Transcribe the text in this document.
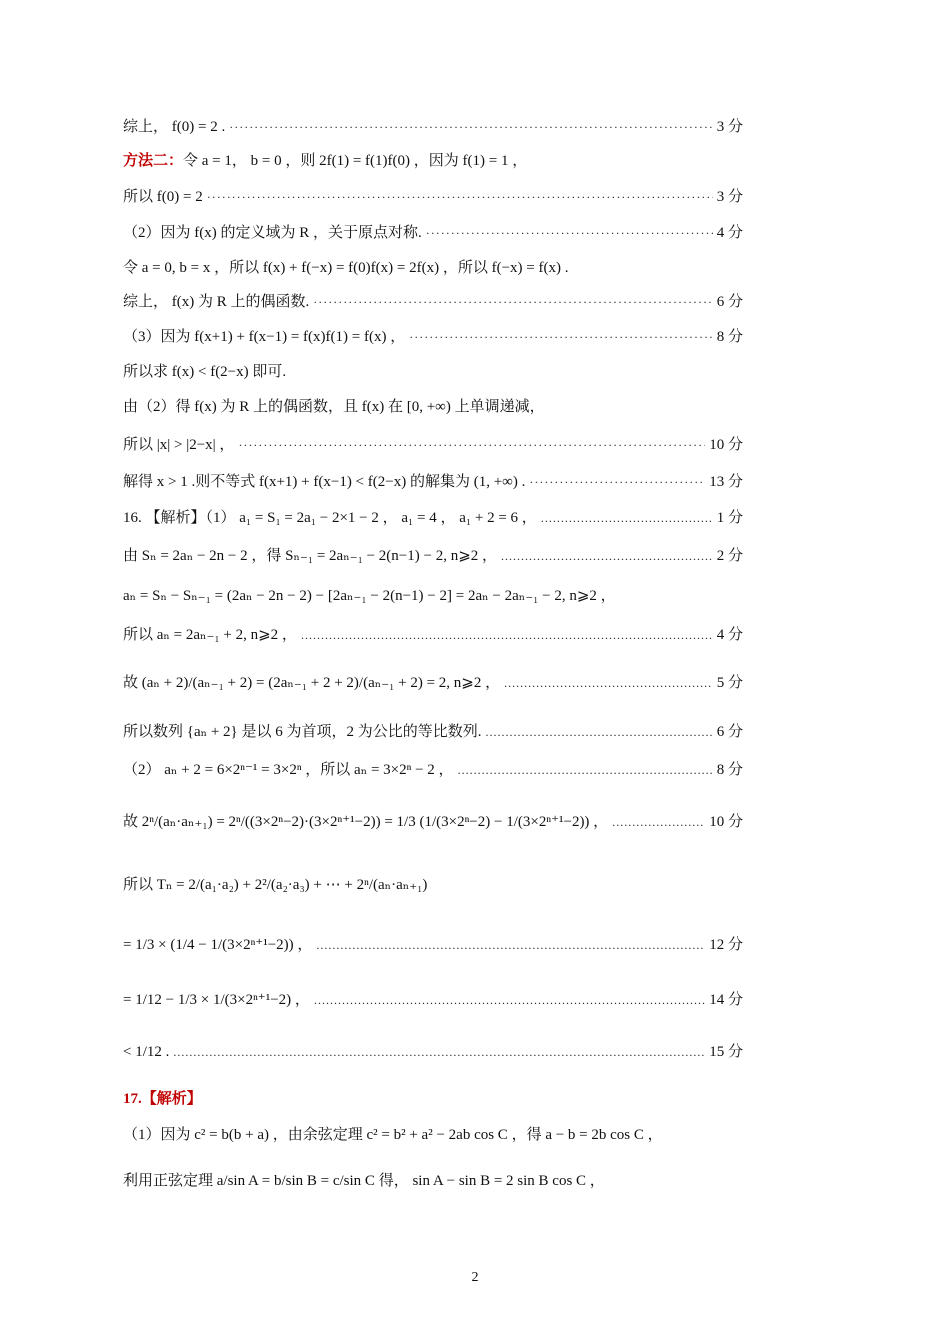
综上， f(0) = 2 . ·····	3 分
方法二： 令 a = 1， b = 0 ，则 2f(1) = f(1)f(0) ，因为 f(1) = 1 ，
所以 f(0) = 2 ·····	3 分
（2）因为 f(x) 的定义域为 R ，关于原点对称. ·····	4 分
令 a = 0, b = x ，所以 f(x) + f(−x) = f(0)f(x) = 2f(x) ，所以 f(−x) = f(x) .
综上， f(x) 为 R 上的偶函数. ·····	6 分
（3）因为 f(x+1) + f(x−1) = f(x)f(1) = f(x) ， ·····	8 分
所以求 f(x) < f(2−x) 即可.
由（2）得 f(x) 为 R 上的偶函数，且 f(x) 在 [0, +∞) 上单调递减，
所以 |x| > |2−x| ， ·····	10 分
解得 x > 1 .则不等式 f(x+1) + f(x−1) < f(2−x) 的解集为 (1, +∞) . ·····	13 分
16. 【解析】（1） a₁ = S₁ = 2a₁ − 2×1 − 2 ， a₁ = 4 ， a₁ + 2 = 6 ， .....	1 分
由 Sₙ = 2aₙ − 2n − 2 ，得 Sₙ₋₁ = 2aₙ₋₁ − 2(n−1) − 2, n⩾2 ， .....	2 分
aₙ = Sₙ − Sₙ₋₁ = (2aₙ − 2n − 2) − [2aₙ₋₁ − 2(n−1) − 2] = 2aₙ − 2aₙ₋₁ − 2, n⩾2 ，
所以 aₙ = 2aₙ₋₁ + 2, n⩾2 ， .....	4 分
故 (aₙ + 2)/(aₙ₋₁ + 2) = (2aₙ₋₁ + 2 + 2)/(aₙ₋₁ + 2) = 2, n⩾2 ， .....	5 分
所以数列 {aₙ + 2} 是以 6 为首项，2 为公比的等比数列. .....	6 分
（2） aₙ + 2 = 6×2ⁿ⁻¹ = 3×2ⁿ ，所以 aₙ = 3×2ⁿ − 2 ， .....	8 分
故 2ⁿ/(aₙ·aₙ₊₁) = 2ⁿ/((3×2ⁿ−2)·(3×2ⁿ⁺¹−2)) = 1/3 (1/(3×2ⁿ−2) − 1/(3×2ⁿ⁺¹−2)) ， .....	10 分
所以 Tₙ = 2/(a₁·a₂) + 2²/(a₂·a₃) + ⋯ + 2ⁿ/(aₙ·aₙ₊₁)
= 1/3 × (1/4 − 1/(3×2ⁿ⁺¹−2)) ， .....	12 分
= 1/12 − 1/3 × 1/(3×2ⁿ⁺¹−2) ， .....	14 分
< 1/12 . .....	15 分
17.【解析】
（1）因为 c² = b(b + a) ，由余弦定理 c² = b² + a² − 2ab cos C ，得 a − b = 2b cos C ，
利用正弦定理 a/sin A = b/sin B = c/sin C 得， sin A − sin B = 2 sin B cos C ，
2
